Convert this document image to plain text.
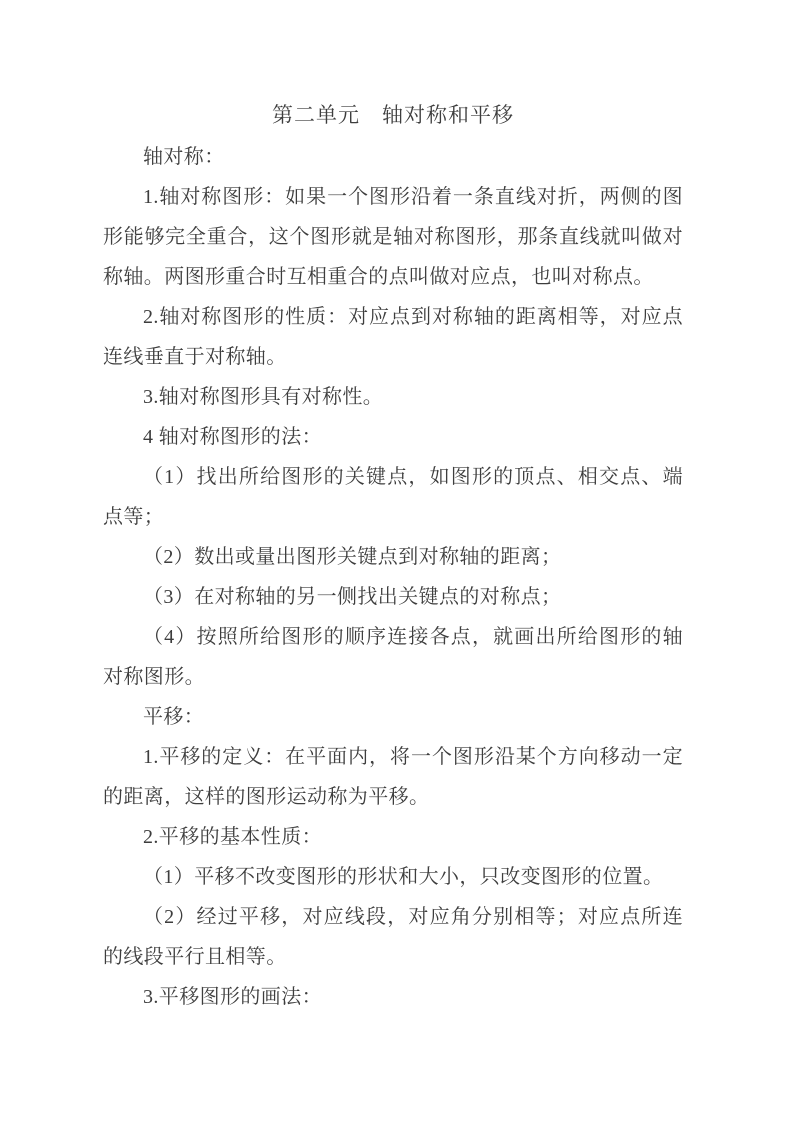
第二单元　轴对称和平移

轴对称：

1.轴对称图形：如果一个图形沿着一条直线对折，两侧的图形能够完全重合，这个图形就是轴对称图形，那条直线就叫做对称轴。两图形重合时互相重合的点叫做对应点，也叫对称点。

2.轴对称图形的性质：对应点到对称轴的距离相等，对应点连线垂直于对称轴。

3.轴对称图形具有对称性。

4 轴对称图形的法：

（1）找出所给图形的关键点，如图形的顶点、相交点、端点等；

（2）数出或量出图形关键点到对称轴的距离；

（3）在对称轴的另一侧找出关键点的对称点；

（4）按照所给图形的顺序连接各点，就画出所给图形的轴对称图形。

平移：

1.平移的定义：在平面内，将一个图形沿某个方向移动一定的距离，这样的图形运动称为平移。

2.平移的基本性质：

（1）平移不改变图形的形状和大小，只改变图形的位置。

（2）经过平移，对应线段，对应角分别相等；对应点所连的线段平行且相等。

3.平移图形的画法：
